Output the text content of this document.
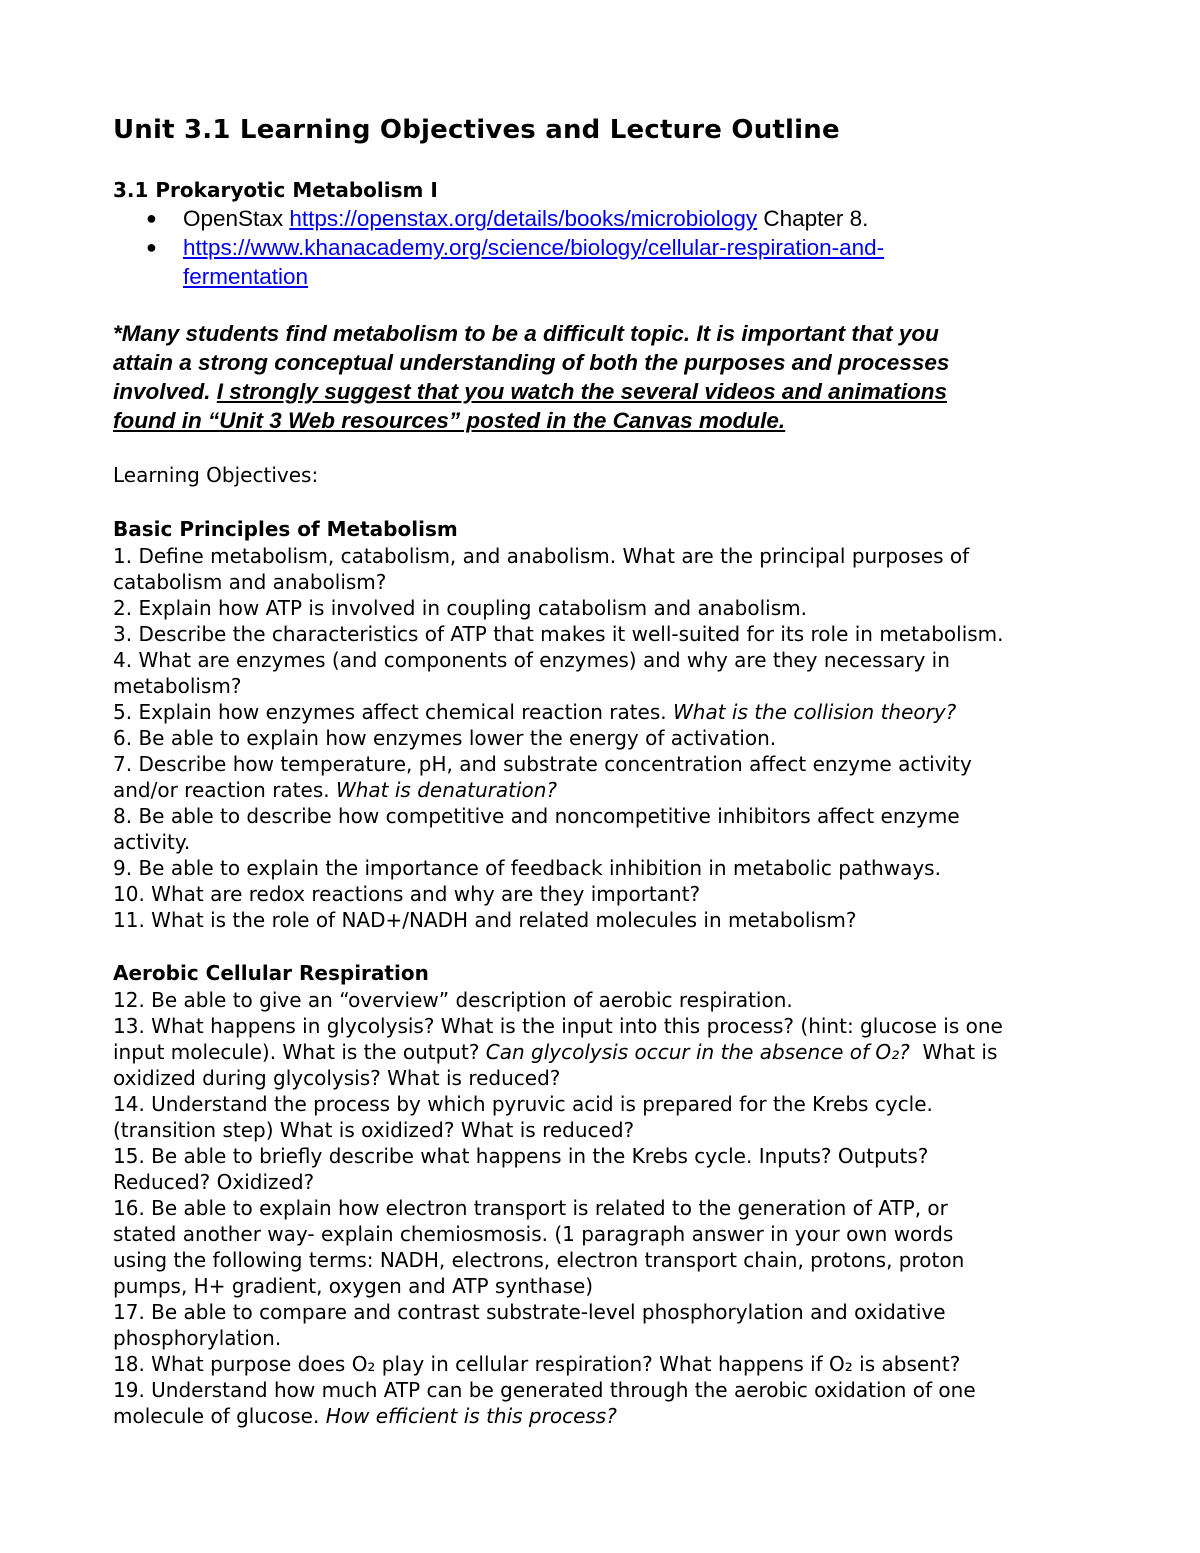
Unit 3.1 Learning Objectives and Lecture Outline
3.1 Prokaryotic Metabolism I
● OpenStax https://openstax.org/details/books/microbiology Chapter 8.
● https://www.khanacademy.org/science/biology/cellular-respiration-and-
fermentation
*Many students find metabolism to be a difficult topic. It is important that you
attain a strong conceptual understanding of both the purposes and processes
involved. I strongly suggest that you watch the several videos and animations
found in “Unit 3 Web resources” posted in the Canvas module.
Learning Objectives:
Basic Principles of Metabolism
1. Define metabolism, catabolism, and anabolism. What are the principal purposes of
catabolism and anabolism?
2. Explain how ATP is involved in coupling catabolism and anabolism.
3. Describe the characteristics of ATP that makes it well-suited for its role in metabolism.
4. What are enzymes (and components of enzymes) and why are they necessary in
metabolism?
5. Explain how enzymes affect chemical reaction rates. What is the collision theory?
6. Be able to explain how enzymes lower the energy of activation.
7. Describe how temperature, pH, and substrate concentration affect enzyme activity
and/or reaction rates. What is denaturation?
8. Be able to describe how competitive and noncompetitive inhibitors affect enzyme
activity.
9. Be able to explain the importance of feedback inhibition in metabolic pathways.
10. What are redox reactions and why are they important?
11. What is the role of NAD+/NADH and related molecules in metabolism?
Aerobic Cellular Respiration
12. Be able to give an “overview” description of aerobic respiration.
13. What happens in glycolysis? What is the input into this process? (hint: glucose is one
input molecule). What is the output? Can glycolysis occur in the absence of O₂?  What is
oxidized during glycolysis? What is reduced?
14. Understand the process by which pyruvic acid is prepared for the Krebs cycle.
(transition step) What is oxidized? What is reduced?
15. Be able to briefly describe what happens in the Krebs cycle. Inputs? Outputs?
Reduced? Oxidized?
16. Be able to explain how electron transport is related to the generation of ATP, or
stated another way- explain chemiosmosis. (1 paragraph answer in your own words
using the following terms: NADH, electrons, electron transport chain, protons, proton
pumps, H+ gradient, oxygen and ATP synthase)
17. Be able to compare and contrast substrate-level phosphorylation and oxidative
phosphorylation.
18. What purpose does O₂ play in cellular respiration? What happens if O₂ is absent?
19. Understand how much ATP can be generated through the aerobic oxidation of one
molecule of glucose. How efficient is this process?
